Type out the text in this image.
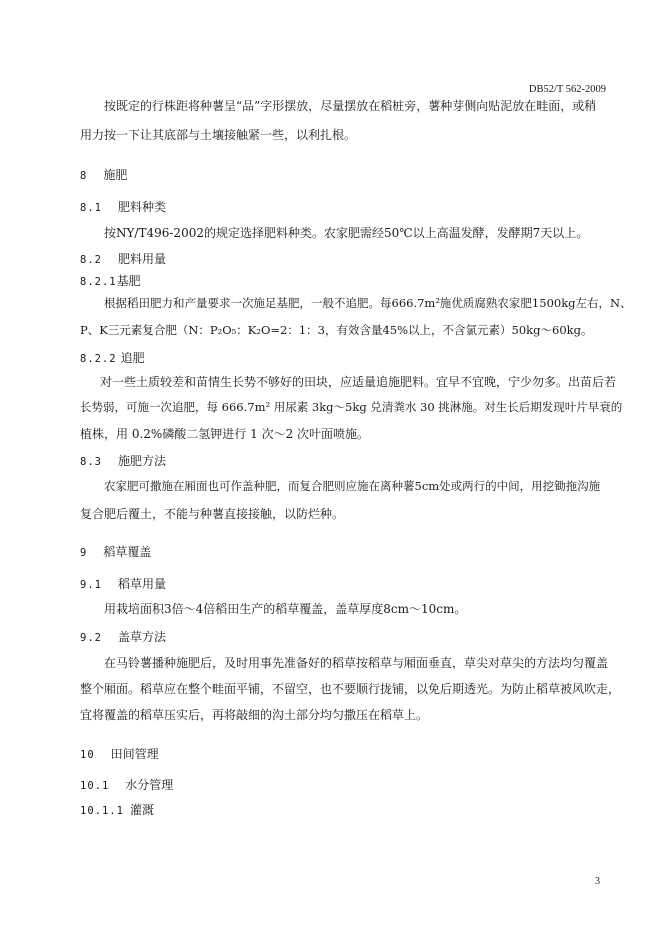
DB52/T 562-2009
按既定的行株距将种薯呈“品”字形摆放，尽量摆放在稻桩旁，薯种芽侧向贴泥放在畦面，或稍
用力按一下让其底部与土壤接触紧一些，以利扎根。
8 施肥
8.1 肥料种类
按NY/T496-2002的规定选择肥料种类。农家肥需经50℃以上高温发酵，发酵期7天以上。
8.2 肥料用量
8.2.1基肥
根据稻田肥力和产量要求一次施足基肥，一般不追肥。每666.7m²施优质腐熟农家肥1500kg左右，N、
P、K三元素复合肥（N：P₂O₅：K₂O=2：1：3，有效含量45%以上，不含氯元素）50kg～60kg。
8.2.2 追肥
对一些土质较差和苗情生长势不够好的田块，应适量追施肥料。宜早不宜晚，宁少勿多。出苗后若
长势弱，可施一次追肥，每 666.7m² 用尿素 3kg～5kg 兑清粪水 30 挑淋施。对生长后期发现叶片早衰的
植株，用 0.2%磷酸二氢钾进行 1 次～2 次叶面喷施。
8.3 施肥方法
农家肥可撒施在厢面也可作盖种肥，而复合肥则应施在离种薯5cm处或两行的中间，用挖锄拖沟施
复合肥后覆土，不能与种薯直接接触，以防烂种。
9 稻草覆盖
9.1 稻草用量
用栽培面积3倍～4倍稻田生产的稻草覆盖，盖草厚度8cm～10cm。
9.2 盖草方法
在马铃薯播种施肥后，及时用事先准备好的稻草按稻草与厢面垂直，草尖对草尖的方法均匀覆盖
整个厢面。稻草应在整个畦面平铺，不留空，也不要顺行拢铺，以免后期透光。为防止稻草被风吹走，
宜将覆盖的稻草压实后，再将敲细的沟土部分均匀撒压在稻草上。
10 田间管理
10.1 水分管理
10.1.1 灌溉
3
